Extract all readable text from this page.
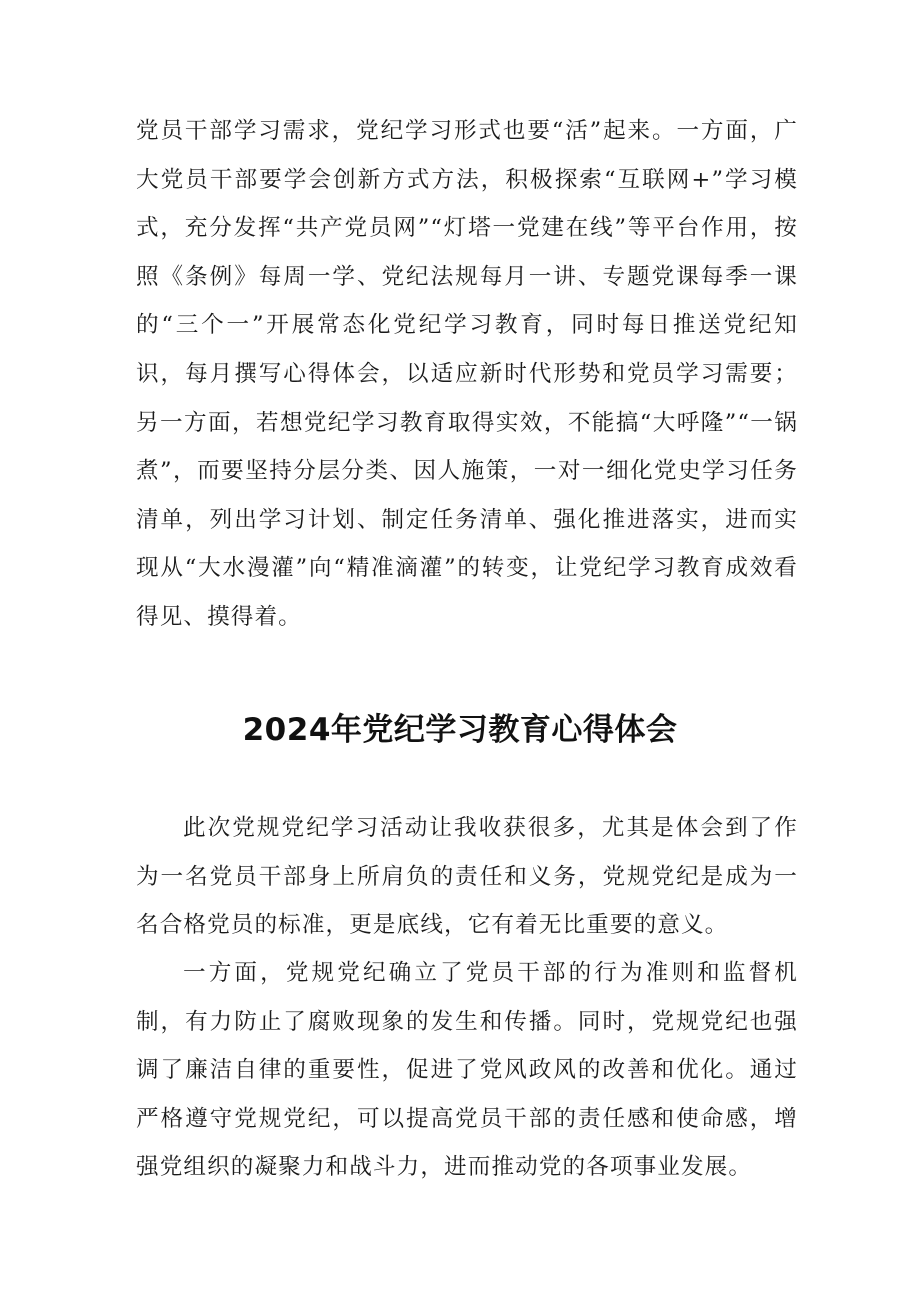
党员干部学习需求，党纪学习形式也要“活”起来。一方面，广大党员干部要学会创新方式方法，积极探索“互联网+”学习模式，充分发挥“共产党员网”“灯塔一党建在线”等平台作用，按照《条例》每周一学、党纪法规每月一讲、专题党课每季一课的“三个一”开展常态化党纪学习教育，同时每日推送党纪知识，每月撰写心得体会，以适应新时代形势和党员学习需要；另一方面，若想党纪学习教育取得实效，不能搞“大呼隆”“一锅煮”，而要坚持分层分类、因人施策，一对一细化党史学习任务清单，列出学习计划、制定任务清单、强化推进落实，进而实现从“大水漫灌”向“精准滴灌”的转变，让党纪学习教育成效看得见、摸得着。

2024年党纪学习教育心得体会

此次党规党纪学习活动让我收获很多，尤其是体会到了作为一名党员干部身上所肩负的责任和义务，党规党纪是成为一名合格党员的标准，更是底线，它有着无比重要的意义。

一方面，党规党纪确立了党员干部的行为准则和监督机制，有力防止了腐败现象的发生和传播。同时，党规党纪也强调了廉洁自律的重要性，促进了党风政风的改善和优化。通过严格遵守党规党纪，可以提高党员干部的责任感和使命感，增强党组织的凝聚力和战斗力，进而推动党的各项事业发展。
